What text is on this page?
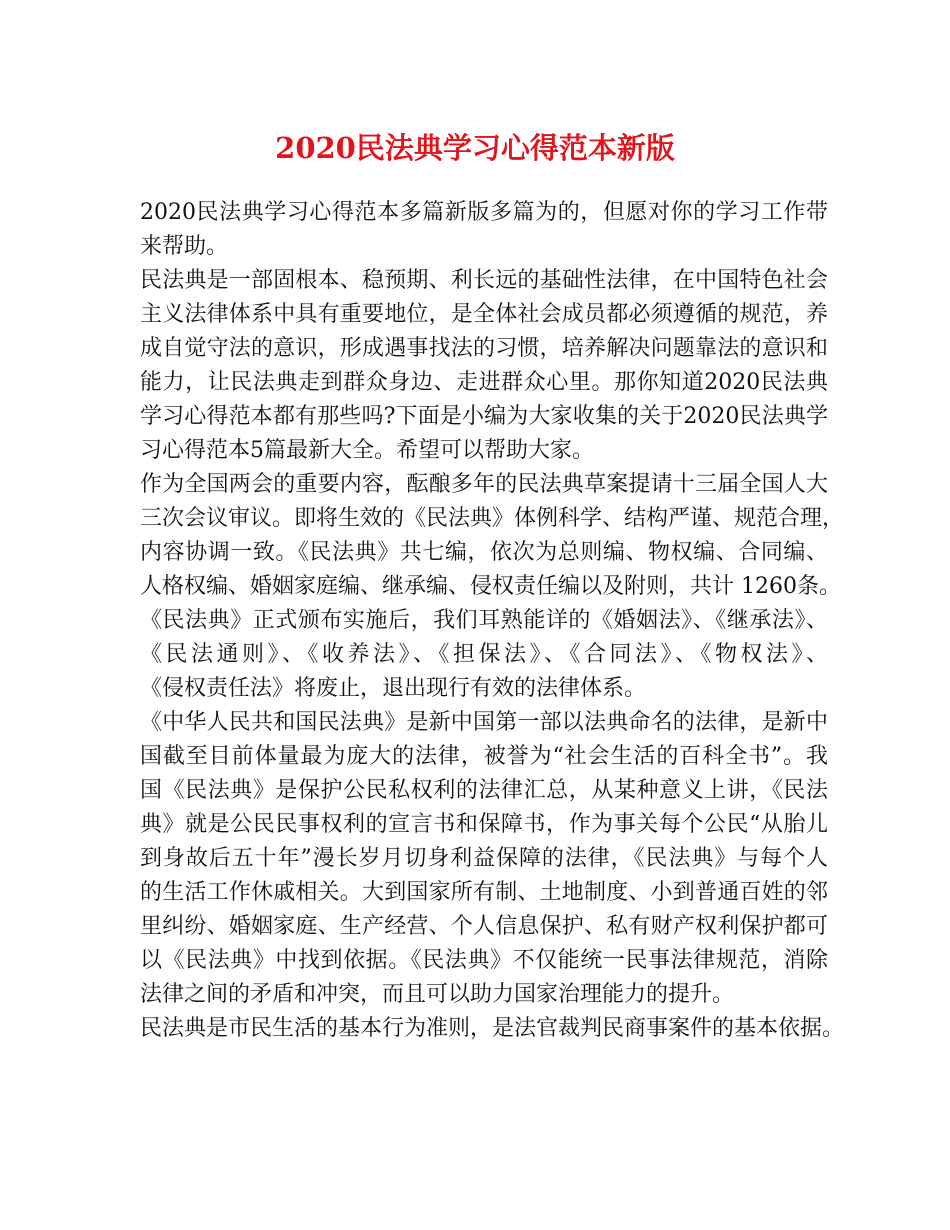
2020民法典学习心得范本新版
2020民法典学习心得范本多篇新版多篇为的，但愿对你的学习工作带
来帮助。
民法典是一部固根本、稳预期、利长远的基础性法律，在中国特色社会
主义法律体系中具有重要地位，是全体社会成员都必须遵循的规范，养
成自觉守法的意识，形成遇事找法的习惯，培养解决问题靠法的意识和
能力，让民法典走到群众身边、走进群众心里。那你知道2020民法典
学习心得范本都有那些吗?下面是小编为大家收集的关于2020民法典学
习心得范本5篇最新大全。希望可以帮助大家。
作为全国两会的重要内容，酝酿多年的民法典草案提请十三届全国人大
三次会议审议。即将生效的《民法典》体例科学、结构严谨、规范合理，
内容协调一致。《民法典》共七编，依次为总则编、物权编、合同编、
人格权编、婚姻家庭编、继承编、侵权责任编以及附则，共计 1260条。
《民法典》正式颁布实施后，我们耳熟能详的《婚姻法》、《继承法》、
《民法通则》、《收养法》、《担保法》、《合同法》、《物权法》、
《侵权责任法》将废止，退出现行有效的法律体系。
《中华人民共和国民法典》是新中国第一部以法典命名的法律，是新中
国截至目前体量最为庞大的法律，被誉为“社会生活的百科全书”。我
国《民法典》是保护公民私权利的法律汇总，从某种意义上讲，《民法
典》就是公民民事权利的宣言书和保障书，作为事关每个公民“从胎儿
到身故后五十年”漫长岁月切身利益保障的法律，《民法典》与每个人
的生活工作休戚相关。大到国家所有制、土地制度、小到普通百姓的邻
里纠纷、婚姻家庭、生产经营、个人信息保护、私有财产权利保护都可
以《民法典》中找到依据。《民法典》不仅能统一民事法律规范，消除
法律之间的矛盾和冲突，而且可以助力国家治理能力的提升。
民法典是市民生活的基本行为准则，是法官裁判民商事案件的基本依据。
